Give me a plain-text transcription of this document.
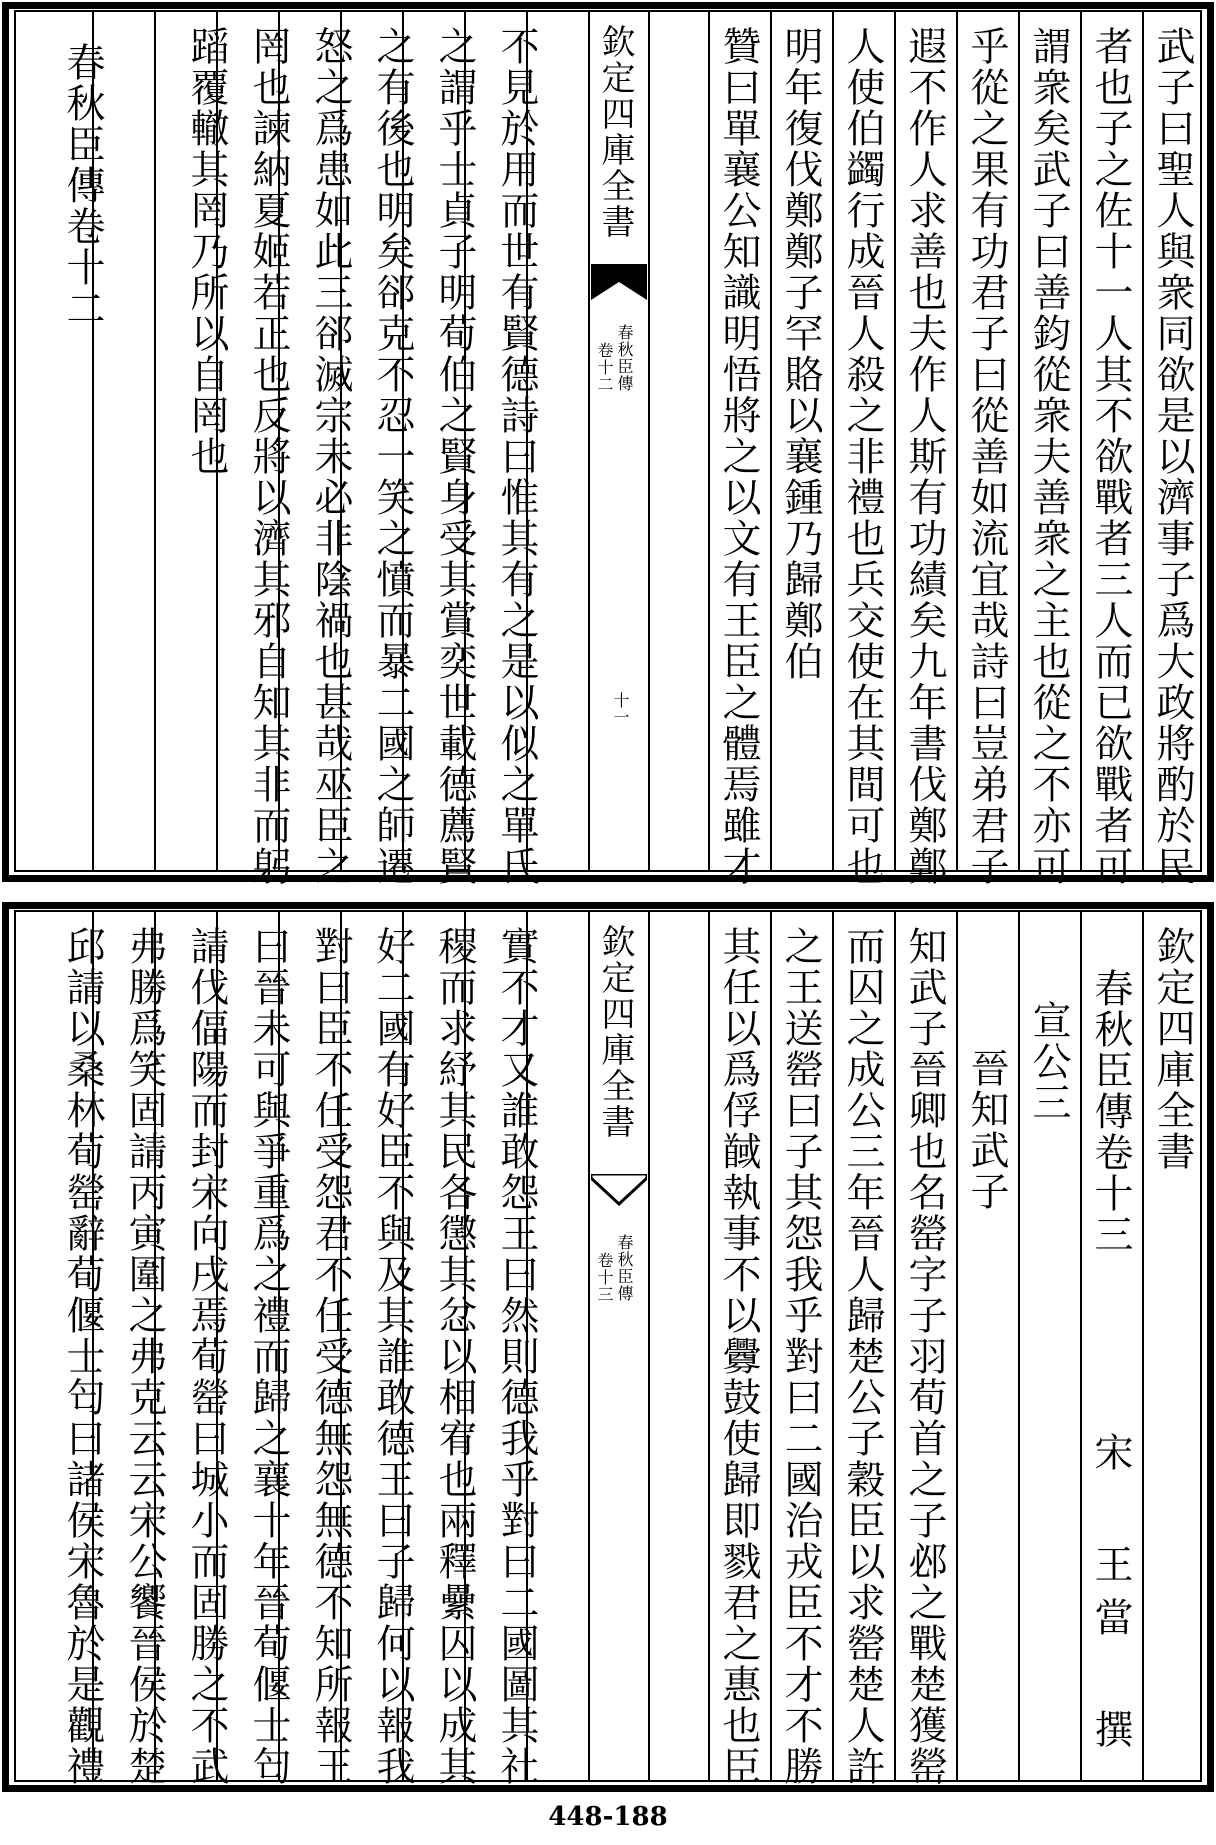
武子曰聖人與衆同欲是以濟事子爲大政將酌於民
者也子之佐十一人其不欲戰者三人而已欲戰者可
謂衆矣武子曰善鈞從衆夫善衆之主也從之不亦可
乎從之果有功君子曰從善如流宜哉詩曰豈弟君子
遐不作人求善也夫作人斯有功績矣九年書伐鄭鄭
人使伯蠲行成晉人殺之非禮也兵交使在其間可也
明年復伐鄭鄭子罕賂以襄鍾乃歸鄭伯
贊曰單襄公知識明悟將之以文有王臣之體焉雖才
欽定四庫全書
春秋臣傳
卷十二
十一
不見於用而世有賢德詩曰惟其有之是以似之單氏
之謂乎士貞子明荀伯之賢身受其賞奕世載德薦賢
之有後也明矣郤克不忍一笑之憤而暴二國之師遷
怒之爲患如此三郤滅宗未必非陰禍也甚哉巫臣之
罔也諫納夏姬若正也反將以濟其邪自知其非而躬
蹈覆轍其罔乃所以自罔也
春秋臣傳卷十二
欽定四庫全書
春秋臣傳卷十三
宋 王當 撰
宣公三
晉知武子
知武子晉卿也名罃字子羽荀首之子邲之戰楚獲罃
而囚之成公三年晉人歸楚公子穀臣以求罃楚人許
之王送罃曰子其怨我乎對曰二國治戎臣不才不勝
其任以爲俘馘執事不以釁鼓使歸即戮君之惠也臣
欽定四庫全書
春秋臣傳
卷十三
實不才又誰敢怨王曰然則德我乎對曰二國圖其社
稷而求紓其民各懲其忿以相宥也兩釋纍囚以成其
好二國有好臣不與及其誰敢德王曰子歸何以報我
對曰臣不任受怨君不任受德無怨無德不知所報王
曰晉未可與爭重爲之禮而歸之襄十年晉荀偃士匄
請伐偪陽而封宋向戌焉荀罃曰城小而固勝之不武
弗勝爲笑固請丙寅圍之弗克云云宋公饗晉侯於楚
邱請以桑林荀罃辭荀偃士匄曰諸侯宋魯於是觀禮
448-188
